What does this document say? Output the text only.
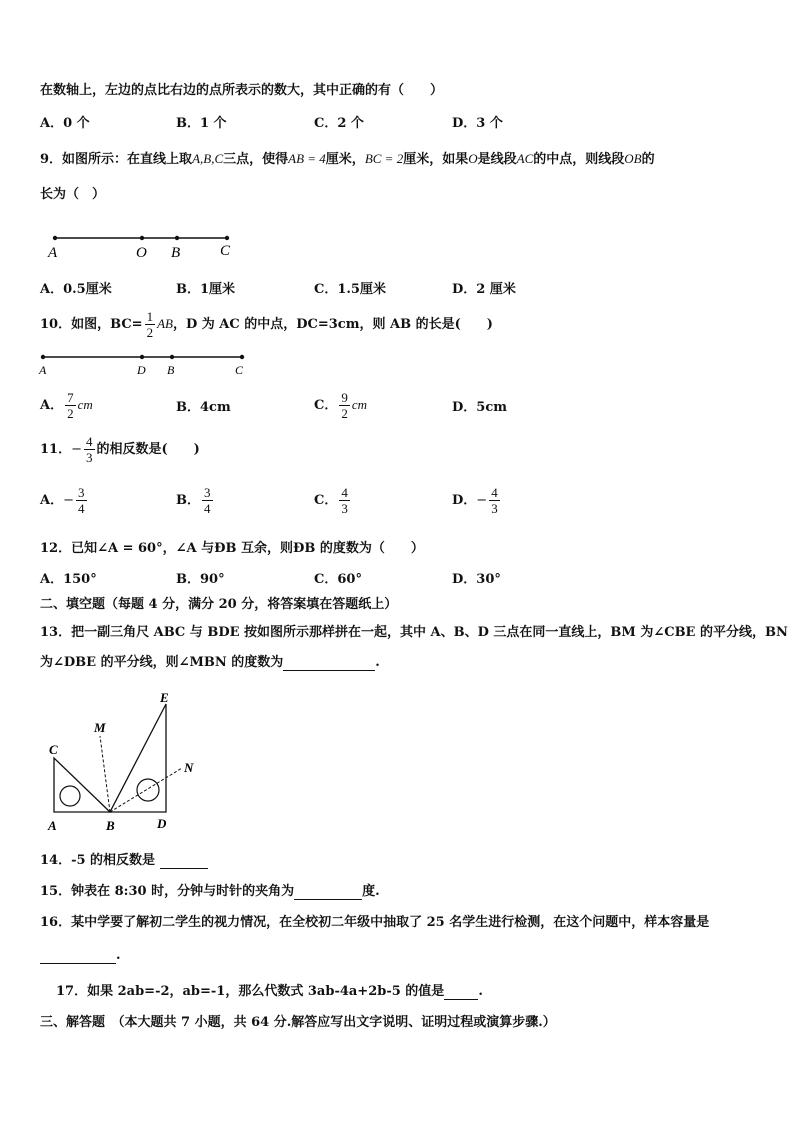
在数轴上，左边的点比右边的点所表示的数大，其中正确的有（　　）
A．0 个	B．1 个	C．2 个	D．3 个
9．如图所示：在直线上取A,B,C三点，使得AB = 4厘米，BC = 2厘米，如果O是线段AC的中点，则线段OB的
长为（　）
A	O B	C
A．0.5厘米	B．1厘米	C．1.5厘米	D．2 厘米
10．如图，$BC= \frac{1}{2}$ AB，D 为 AC 的中点，DC=3cm，则 AB 的长是(　　)
A	D B	C
A． $\frac{7}{2}$ cm	B．4cm	C． $\frac{9}{2}$ cm	D．5cm
11．− $\frac{4}{3}$ 的相反数是(　　)
A．− $\frac{3}{4}$	B． $\frac{3}{4}$	C． $\frac{4}{3}$	D．− $\frac{4}{3}$
12．已知∠A = 60°，∠A 与ÐB 互余，则ÐB 的度数为（　　）
A．150°	B．90°	C．60°	D．30°
二、填空题（每题 4 分，满分 20 分，将答案填在答题纸上）
13．把一副三角尺 ABC 与 BDE 按如图所示那样拼在一起，其中 A、B、D 三点在同一直线上，BM 为∠CBE 的平分线，BN
为∠DBE 的平分线，则∠MBN 的度数为	.
A	B
C
D
E
M
N
14．-5 的相反数是
15．钟表在 8:30 时，分钟与时针的夹角为	度.
16．某中学要了解初二学生的视力情况，在全校初二年级中抽取了 25 名学生进行检测，在这个问题中，样本容量是
.
17．如果 2ab=-2，ab=-1，那么代数式 3ab-4a+2b-5 的值是	.
三、解答题　（本大题共 7 小题，共 64 分.解答应写出文字说明、证明过程或演算步骤.）
